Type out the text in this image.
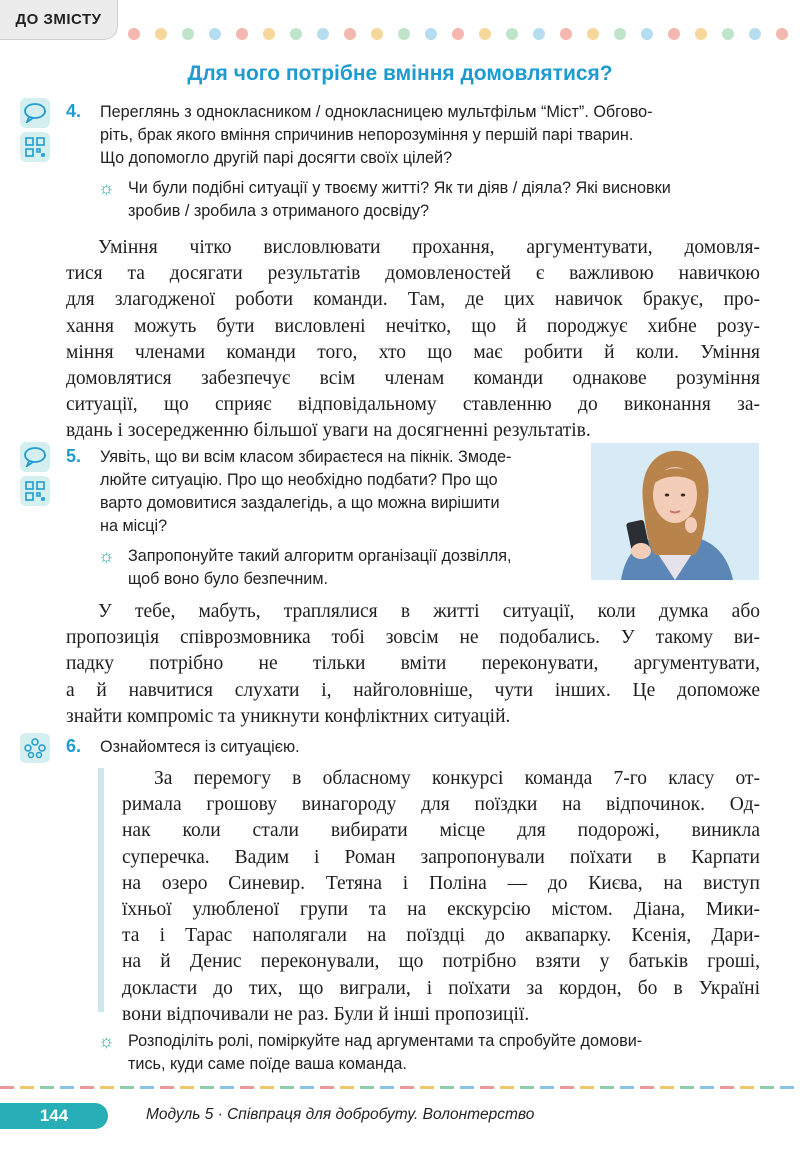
ДО ЗМІСТУ
Для чого потрібне вміння домовлятися?
4. Переглянь з однокласником / однокласницею мультфільм “Міст”. Обгово-
ріть, брак якого вміння спричинив непорозуміння у першій парі тварин.
Що допомогло другій парі досягти своїх цілей?
☼ Чи були подібні ситуації у твоєму житті? Як ти діяв / діяла? Які висновки
зробив / зробила з отриманого досвіду?
Уміння чітко висловлювати прохання, аргументувати, домовля-
тися та досягати результатів домовленостей є важливою навичкою
для злагодженої роботи команди. Там, де цих навичок бракує, про-
хання можуть бути висловлені нечітко, що й породжує хибне розу-
міння членами команди того, хто що має робити й коли. Уміння
домовлятися забезпечує всім членам команди однакове розуміння
ситуації, що сприяє відповідальному ставленню до виконання за-
вдань і зосередженню більшої уваги на досягненні результатів.
5. Уявіть, що ви всім класом збираєтеся на пікнік. Змоде-
люйте ситуацію. Про що необхідно подбати? Про що
варто домовитися заздалегідь, а що можна вирішити
на місці?
☼ Запропонуйте такий алгоритм організації дозвілля,
щоб воно було безпечним.
У тебе, мабуть, траплялися в житті ситуації, коли думка або
пропозиція співрозмовника тобі зовсім не подобались. У такому ви-
падку потрібно не тільки вміти переконувати, аргументувати,
а й навчитися слухати і, найголовніше, чути інших. Це допоможе
знайти компроміс та уникнути конфліктних ситуацій.
6. Ознайомтеся із ситуацією.
За перемогу в обласному конкурсі команда 7-го класу от-
римала грошову винагороду для поїздки на відпочинок. Од-
нак коли стали вибирати місце для подорожі, виникла
суперечка. Вадим і Роман запропонували поїхати в Карпати
на озеро Синевир. Тетяна і Поліна — до Києва, на виступ
їхньої улюбленої групи та на екскурсію містом. Діана, Мики-
та і Тарас наполягали на поїздці до аквапарку. Ксенія, Дари-
на й Денис переконували, що потрібно взяти у батьків гроші,
докласти до тих, що виграли, і поїхати за кордон, бо в Україні
вони відпочивали не раз. Були й інші пропозиції.
☼ Розподіліть ролі, поміркуйте над аргументами та спробуйте домови-
тись, куди саме поїде ваша команда.
144	Модуль 5 · Співпраця для добробуту. Волонтерство
